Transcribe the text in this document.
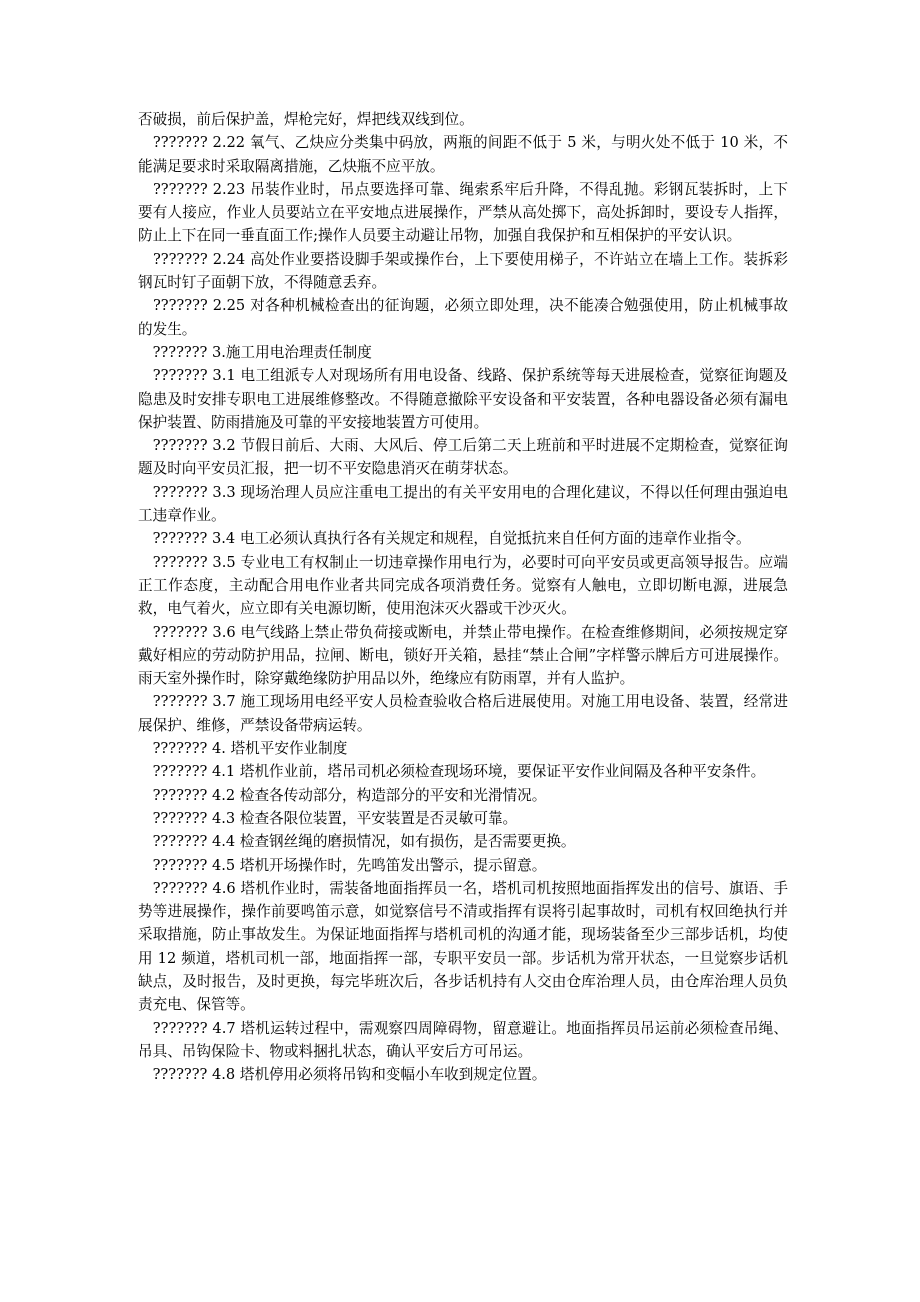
否破损，前后保护盖，焊枪完好，焊把线双线到位。

　??????? 2.22 氧气、乙炔应分类集中码放，两瓶的间距不低于 5 米，与明火处不低于 10 米，不能满足要求时采取隔离措施，乙炔瓶不应平放。

　??????? 2.23 吊装作业时，吊点要选择可靠、绳索系牢后升降，不得乱抛。彩钢瓦装拆时，上下要有人接应，作业人员要站立在平安地点进展操作，严禁从高处掷下，高处拆卸时，要设专人指挥，防止上下在同一垂直面工作;操作人员要主动避让吊物，加强自我保护和互相保护的平安认识。

　??????? 2.24 高处作业要搭设脚手架或操作台，上下要使用梯子，不许站立在墙上工作。装拆彩钢瓦时钉子面朝下放，不得随意丢弃。

　??????? 2.25 对各种机械检查出的征询题，必须立即处理，决不能凑合勉强使用，防止机械事故的发生。

　??????? 3.施工用电治理责任制度

　??????? 3.1 电工组派专人对现场所有用电设备、线路、保护系统等每天进展检查，觉察征询题及隐患及时安排专职电工进展维修整改。不得随意撤除平安设备和平安装置，各种电器设备必须有漏电保护装置、防雨措施及可靠的平安接地装置方可使用。

　??????? 3.2 节假日前后、大雨、大风后、停工后第二天上班前和平时进展不定期检查，觉察征询题及时向平安员汇报，把一切不平安隐患消灭在萌芽状态。

　??????? 3.3 现场治理人员应注重电工提出的有关平安用电的合理化建议，不得以任何理由强迫电工违章作业。

　??????? 3.4 电工必须认真执行各有关规定和规程，自觉抵抗来自任何方面的违章作业指令。

　??????? 3.5 专业电工有权制止一切违章操作用电行为，必要时可向平安员或更高领导报告。应端正工作态度，主动配合用电作业者共同完成各项消费任务。觉察有人触电，立即切断电源，进展急救，电气着火，应立即有关电源切断，使用泡沫灭火器或干沙灭火。

　??????? 3.6 电气线路上禁止带负荷接或断电，并禁止带电操作。在检查维修期间，必须按规定穿戴好相应的劳动防护用品，拉闸、断电，锁好开关箱，悬挂“禁止合闸”字样警示牌后方可进展操作。雨天室外操作时，除穿戴绝缘防护用品以外，绝缘应有防雨罩，并有人监护。

　??????? 3.7 施工现场用电经平安人员检查验收合格后进展使用。对施工用电设备、装置，经常进展保护、维修，严禁设备带病运转。

　??????? 4. 塔机平安作业制度

　??????? 4.1 塔机作业前，塔吊司机必须检查现场环境，要保证平安作业间隔及各种平安条件。

　??????? 4.2 检查各传动部分，构造部分的平安和光滑情况。

　??????? 4.3 检查各限位装置，平安装置是否灵敏可靠。

　??????? 4.4 检查钢丝绳的磨损情况，如有损伤，是否需要更换。

　??????? 4.5 塔机开场操作时，先鸣笛发出警示，提示留意。

　??????? 4.6 塔机作业时，需装备地面指挥员一名，塔机司机按照地面指挥发出的信号、旗语、手势等进展操作，操作前要鸣笛示意，如觉察信号不清或指挥有误将引起事故时，司机有权回绝执行并采取措施，防止事故发生。为保证地面指挥与塔机司机的沟通才能，现场装备至少三部步话机，均使用 12 频道，塔机司机一部，地面指挥一部，专职平安员一部。步话机为常开状态，一旦觉察步话机缺点，及时报告，及时更换，每完毕班次后，各步话机持有人交由仓库治理人员，由仓库治理人员负责充电、保管等。

　??????? 4.7 塔机运转过程中，需观察四周障碍物，留意避让。地面指挥员吊运前必须检查吊绳、吊具、吊钩保险卡、物或料捆扎状态，确认平安后方可吊运。

　??????? 4.8 塔机停用必须将吊钩和变幅小车收到规定位置。
